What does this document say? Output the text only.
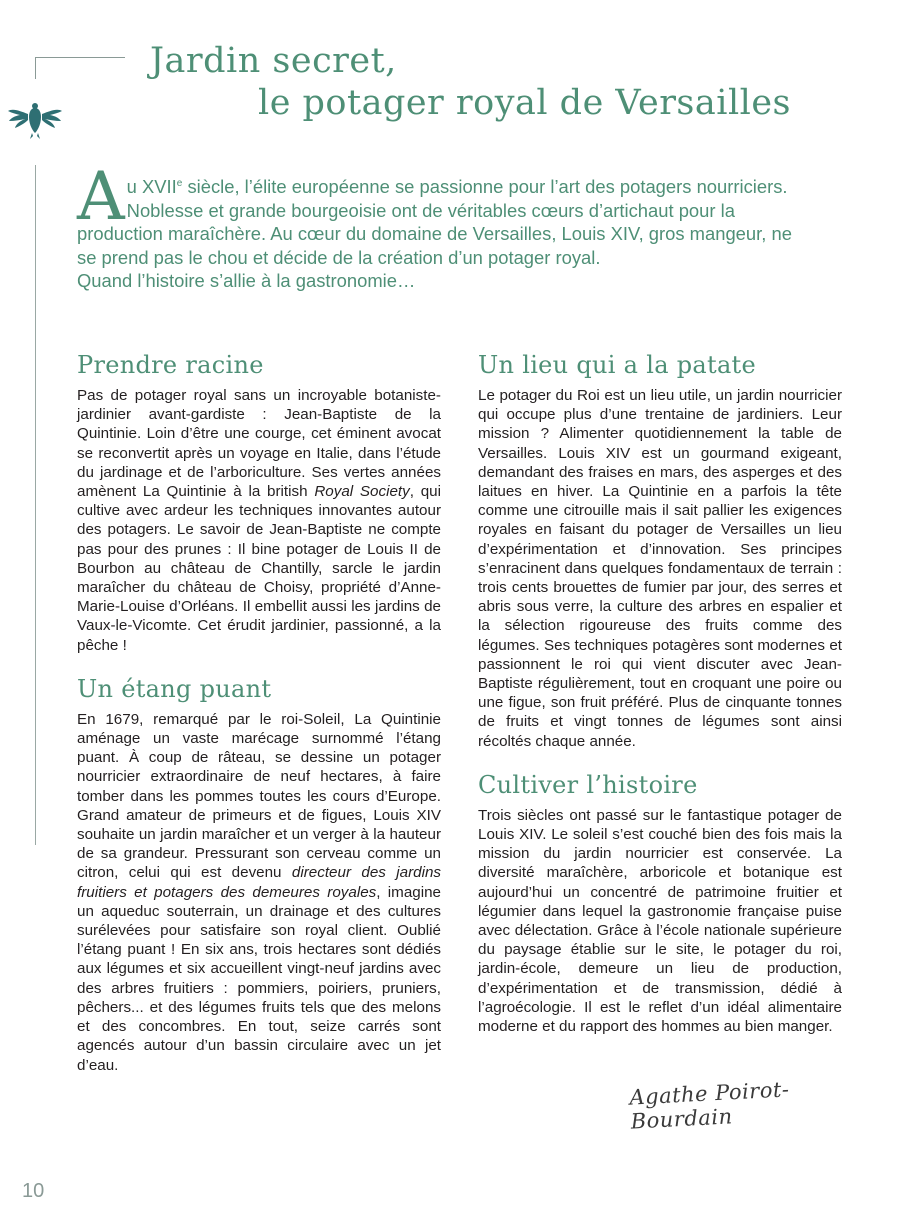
Jardin secret,
le potager royal de Versailles
A u XVIIe siècle, l’élite européenne se passionne pour l’art des potagers nourriciers.
Noblesse et grande bourgeoisie ont de véritables cœurs d’artichaut pour la
production maraîchère. Au cœur du domaine de Versailles, Louis XIV, gros mangeur, ne
se prend pas le chou et décide de la création d’un potager royal.
Quand l’histoire s’allie à la gastronomie…
Prendre racine

Pas de potager royal sans un incroyable botaniste-jardinier avant-gardiste : Jean-Baptiste de la Quintinie. Loin d’être une courge, cet éminent avocat se reconvertit après un voyage en Italie, dans l’étude du jardinage et de l’arboriculture. Ses vertes années amènent La Quintinie à la british Royal Society, qui cultive avec ardeur les techniques innovantes autour des potagers. Le savoir de Jean-Baptiste ne compte pas pour des prunes : Il bine potager de Louis II de Bourbon au château de Chantilly, sarcle le jardin maraîcher du château de Choisy, propriété d’Anne-Marie-Louise d’Orléans. Il embellit aussi les jardins de Vaux-le-Vicomte. Cet érudit jardinier, passionné, a la pêche !

Un étang puant

En 1679, remarqué par le roi-Soleil, La Quintinie aménage un vaste marécage surnommé l’étang puant. À coup de râteau, se dessine un potager nourricier extraordinaire de neuf hectares, à faire tomber dans les pommes toutes les cours d’Europe. Grand amateur de primeurs et de figues, Louis XIV souhaite un jardin maraîcher et un verger à la hauteur de sa grandeur. Pressurant son cerveau comme un citron, celui qui est devenu directeur des jardins fruitiers et potagers des demeures royales, imagine un aqueduc souterrain, un drainage et des cultures surélevées pour satisfaire son royal client. Oublié l’étang puant ! En six ans, trois hectares sont dédiés aux légumes et six accueillent vingt-neuf jardins avec des arbres fruitiers : pommiers, poiriers, pruniers, pêchers... et des légumes fruits tels que des melons et des concombres. En tout, seize carrés sont agencés autour d’un bassin circulaire avec un jet d’eau.

Un lieu qui a la patate

Le potager du Roi est un lieu utile, un jardin nourricier qui occupe plus d’une trentaine de jardiniers. Leur mission ? Alimenter quotidiennement la table de Versailles. Louis XIV est un gourmand exigeant, demandant des fraises en mars, des asperges et des laitues en hiver. La Quintinie en a parfois la tête comme une citrouille mais il sait pallier les exigences royales en faisant du potager de Versailles un lieu d’expérimentation et d’innovation. Ses principes s’enracinent dans quelques fondamentaux de terrain : trois cents brouettes de fumier par jour, des serres et abris sous verre, la culture des arbres en espalier et la sélection rigoureuse des fruits comme des légumes. Ses techniques potagères sont modernes et passionnent le roi qui vient discuter avec Jean-Baptiste régulièrement, tout en croquant une poire ou une figue, son fruit préféré. Plus de cinquante tonnes de fruits et vingt tonnes de légumes sont ainsi récoltés chaque année.

Cultiver l’histoire

Trois siècles ont passé sur le fantastique potager de Louis XIV. Le soleil s’est couché bien des fois mais la mission du jardin nourricier est conservée. La diversité maraîchère, arboricole et botanique est aujourd’hui un concentré de patrimoine fruitier et légumier dans lequel la gastronomie française puise avec délectation. Grâce à l’école nationale supérieure du paysage établie sur le site, le potager du roi, jardin-école, demeure un lieu de production, d’expérimentation et de transmission, dédié à l’agroécologie. Il est le reflet d’un idéal alimentaire moderne et du rapport des hommes au bien manger.

Agathe Poirot-Bourdain
10
